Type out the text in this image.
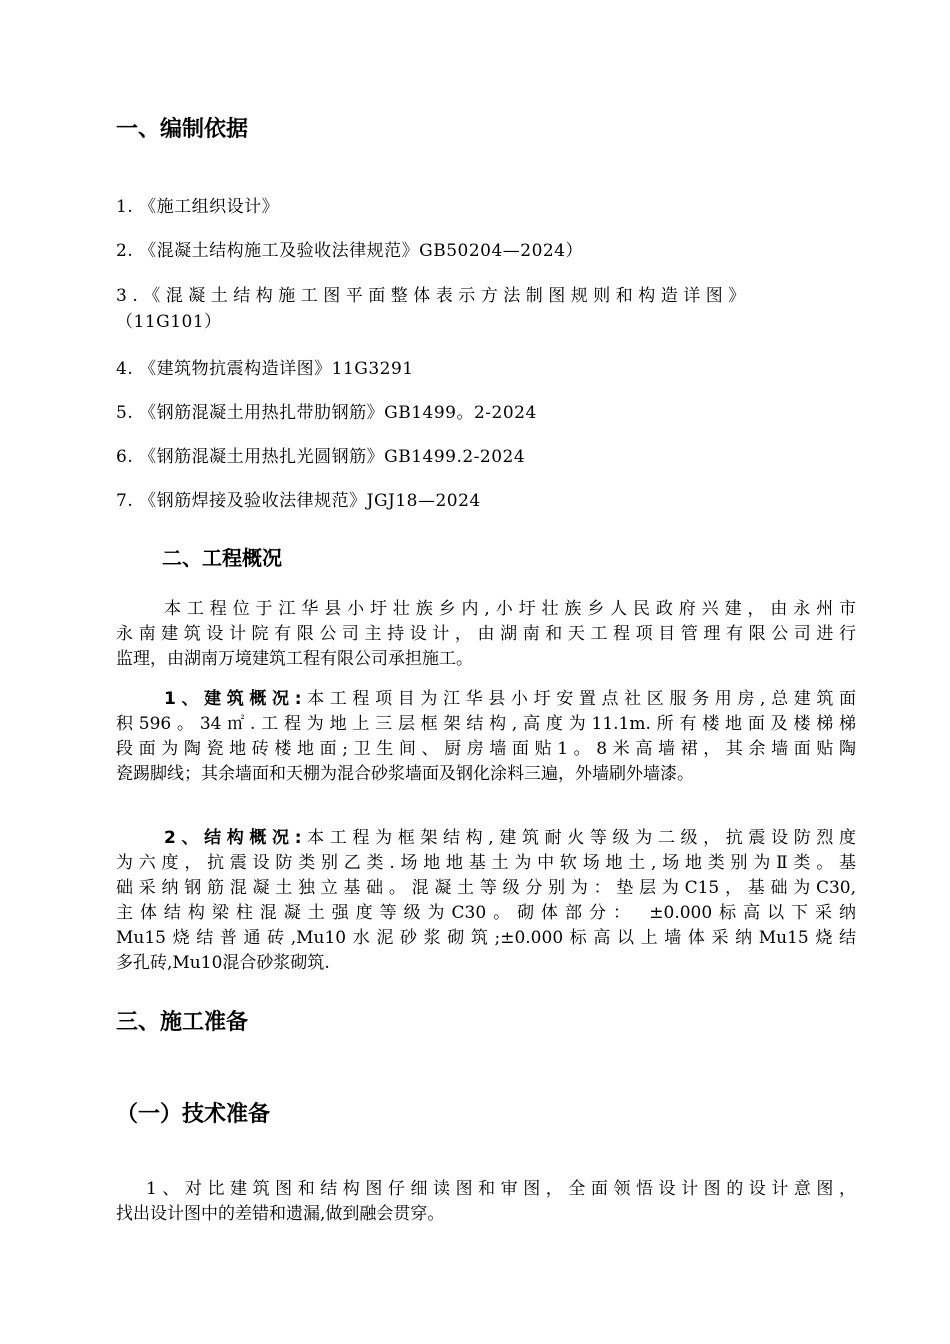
一、编制依据
1. 《施工组织设计》
2. 《混凝土结构施工及验收法律规范》GB50204—2024）
3.《混凝土结构施工图平面整体表示方法制图规则和构造详图》
（11G101）
4. 《建筑物抗震构造详图》11G3291
5. 《钢筋混凝土用热扎带肋钢筋》GB1499。2-2024
6. 《钢筋混凝土用热扎光圆钢筋》GB1499.2-2024
7. 《钢筋焊接及验收法律规范》JGJ18—2024
二、工程概况
本工程位于江华县小圩壮族乡内,小圩壮族乡人民政府兴建，由永州市
永南建筑设计院有限公司主持设计，由湖南和天工程项目管理有限公司进行
监理，由湖南万境建筑工程有限公司承担施工。
1、建筑概况:本工程项目为江华县小圩安置点社区服务用房,总建筑面
积596。34㎡.工程为地上三层框架结构,高度为11.1m.所有楼地面及楼梯梯
段面为陶瓷地砖楼地面;卫生间、厨房墙面贴1。8米高墙裙，其余墙面贴陶
瓷踢脚线；其余墙面和天棚为混合砂浆墙面及钢化涂料三遍，外墙刷外墙漆。
2、结构概况:本工程为框架结构,建筑耐火等级为二级，抗震设防烈度
为六度，抗震设防类别乙类.场地地基土为中软场地土,场地类别为Ⅱ类。基
础采纳钢筋混凝土独立基础。混凝土等级分别为：垫层为C15，基础为C30,
主体结构梁柱混凝土强度等级为C30。砌体部分： ±0.000标高以下采纳
Mu15烧结普通砖,Mu10水泥砂浆砌筑;±0.000标高以上墙体采纳Mu15烧结
多孔砖,Mu10混合砂浆砌筑.
三、施工准备
（一）技术准备
1、对比建筑图和结构图仔细读图和审图，全面领悟设计图的设计意图，
找出设计图中的差错和遗漏,做到融会贯穿。
